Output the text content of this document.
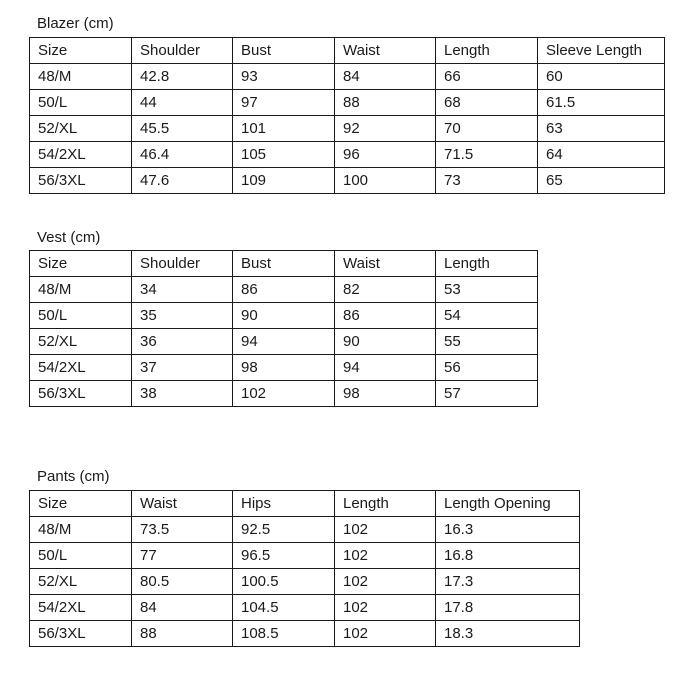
Blazer (cm)
Size	Shoulder	Bust	Waist	Length	Sleeve Length
48/M	42.8	93	84	66	60
50/L	44	97	88	68	61.5
52/XL	45.5	101	92	70	63
54/2XL	46.4	105	96	71.5	64
56/3XL	47.6	109	100	73	65
Vest (cm)
Size	Shoulder	Bust	Waist	Length
48/M	34	86	82	53
50/L	35	90	86	54
52/XL	36	94	90	55
54/2XL	37	98	94	56
56/3XL	38	102	98	57
Pants (cm)
Size	Waist	Hips	Length	Length Opening
48/M	73.5	92.5	102	16.3
50/L	77	96.5	102	16.8
52/XL	80.5	100.5	102	17.3
54/2XL	84	104.5	102	17.8
56/3XL	88	108.5	102	18.3
